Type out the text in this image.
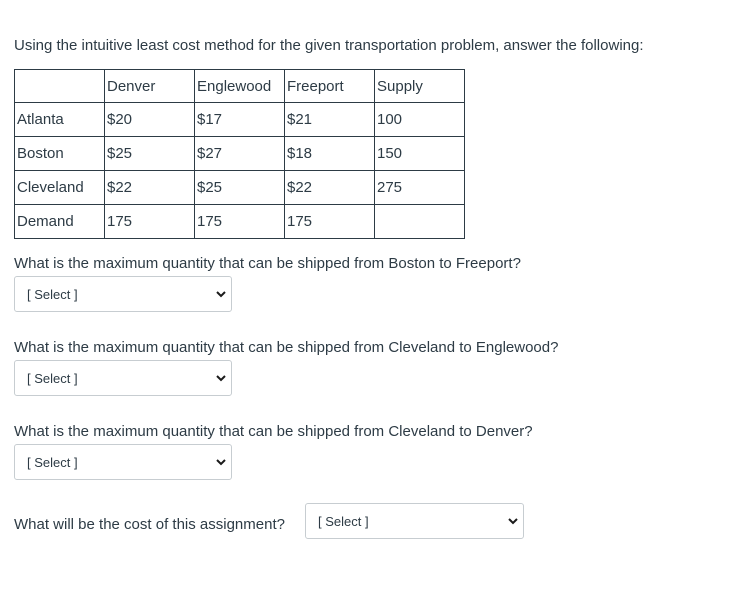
Using the intuitive least cost method for the given transportation problem, answer the following:
	Denver	Englewood	Freeport	Supply
Atlanta	$20	$17	$21	100
Boston	$25	$27	$18	150
Cleveland	$22	$25	$22	275
Demand	175	175	175	
What is the maximum quantity that can be shipped from Boston to Freeport?
[ Select ]
What is the maximum quantity that can be shipped from Cleveland to Englewood?
[ Select ]
What is the maximum quantity that can be shipped from Cleveland to Denver?
[ Select ]
What will be the cost of this assignment?	[ Select ]
